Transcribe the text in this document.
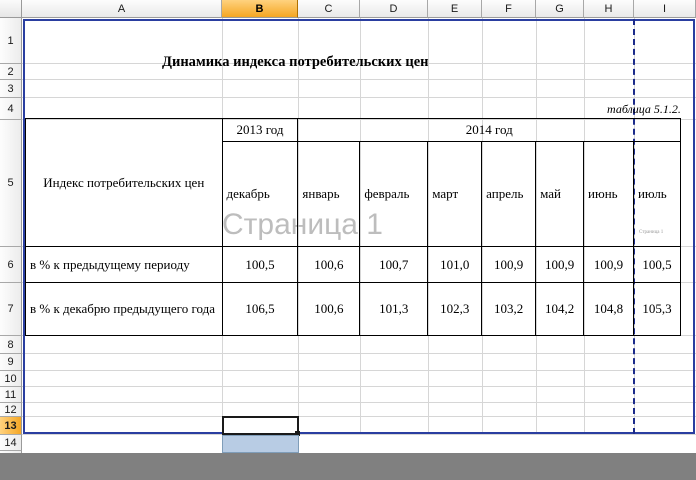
A	B	C	D	E	F	G	H	I
1
2
3
4
5
6
7
8
9
10
11
12
13
14
Страница 1	Страница 1
Динамика индекса потребительских цен
таблица 5.1.2.
Индекс потребительских цен	2013 год	2014 год						
	декабрь	январь	февраль	март	апрель	май	июнь	июль
в % к предыдущему периоду	100,5	100,6	100,7	101,0	100,9	100,9	100,9	100,5
в % к декабрю предыдущего года	106,5	100,6	101,3	102,3	103,2	104,2	104,8	105,3
